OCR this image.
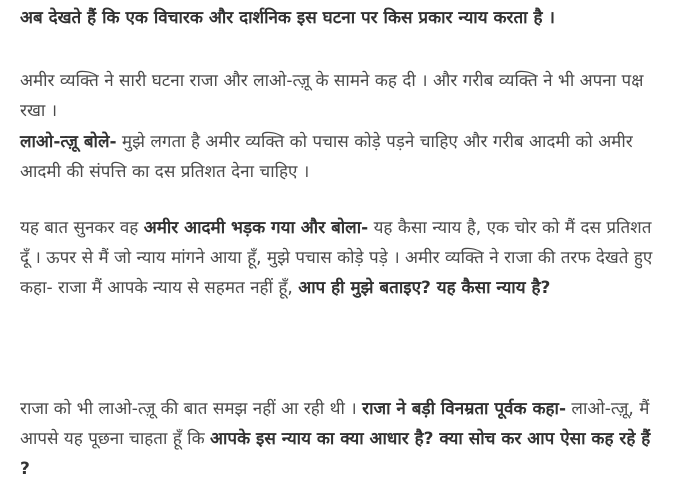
अब देखते हैं कि एक विचारक और दार्शनिक इस घटना पर किस प्रकार न्याय करता है ।

अमीर व्यक्ति ने सारी घटना राजा और लाओ-त्ज़ू के सामने कह दी । और गरीब व्यक्ति ने भी अपना पक्ष रखा ।

लाओ-त्ज़ू बोले- मुझे लगता है अमीर व्यक्ति को पचास कोड़े पड़ने चाहिए और गरीब आदमी को अमीर आदमी की संपत्ति का दस प्रतिशत देना चाहिए ।

यह बात सुनकर वह अमीर आदमी भड़क गया और बोला- यह कैसा न्याय है, एक चोर को मैं दस प्रतिशत दूँ । ऊपर से मैं जो न्याय मांगने आया हूँ, मुझे पचास कोड़े पड़े । अमीर व्यक्ति ने राजा की तरफ देखते हुए कहा- राजा मैं आपके न्याय से सहमत नहीं हूँ, आप ही मुझे बताइए? यह कैसा न्याय है?

राजा को भी लाओ-त्ज़ू की बात समझ नहीं आ रही थी । राजा ने बड़ी विनम्रता पूर्वक कहा- लाओ-त्ज़ू, मैं आपसे यह पूछना चाहता हूँ कि आपके इस न्याय का क्या आधार है? क्या सोच कर आप ऐसा कह रहे हैं ?
